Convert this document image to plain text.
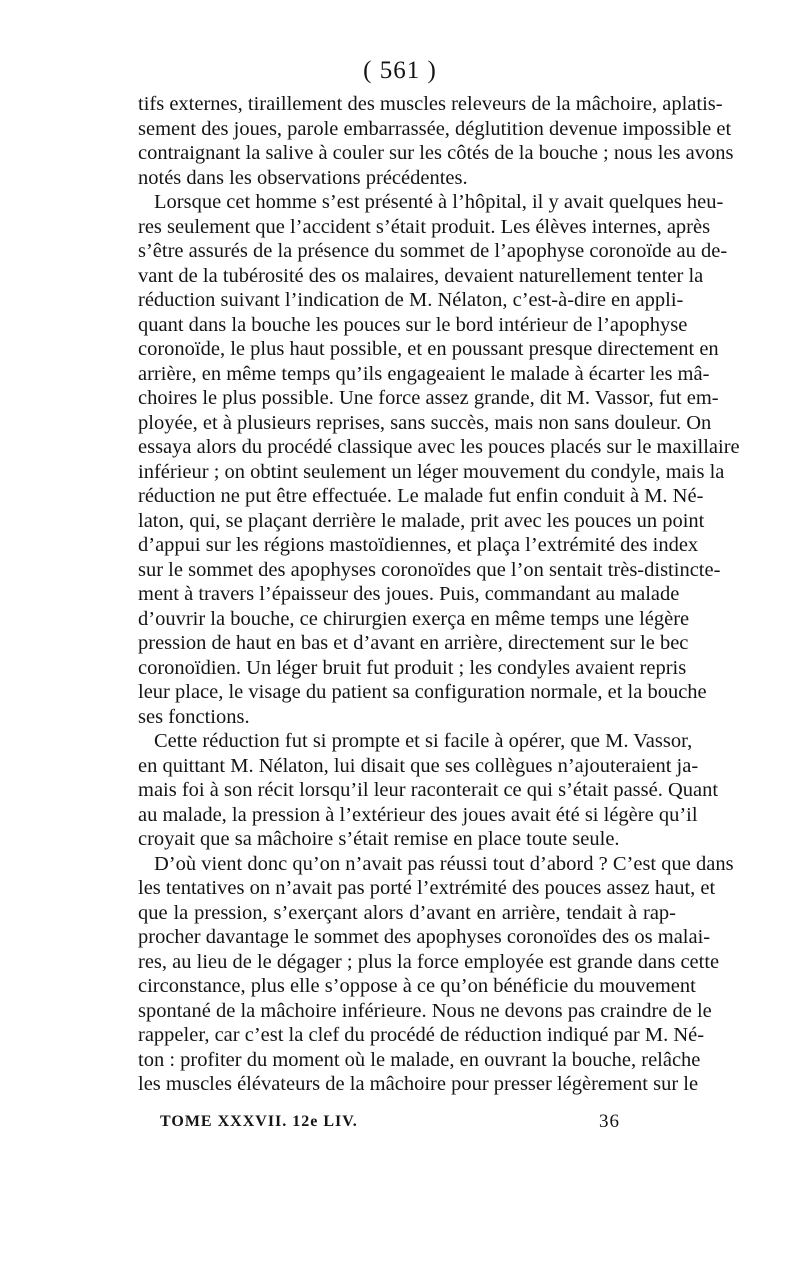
( 561 )
tifs externes, tiraillement des muscles releveurs de la mâchoire, aplatis-
sement des joues, parole embarrassée, déglutition devenue impossible et
contraignant la salive à couler sur les côtés de la bouche ; nous les avons
notés dans les observations précédentes.
Lorsque cet homme s’est présenté à l’hôpital, il y avait quelques heu-
res seulement que l’accident s’était produit. Les élèves internes, après
s’être assurés de la présence du sommet de l’apophyse coronoïde au de-
vant de la tubérosité des os malaires, devaient naturellement tenter la
réduction suivant l’indication de M. Nélaton, c’est-à-dire en appli-
quant dans la bouche les pouces sur le bord intérieur de l’apophyse
coronoïde, le plus haut possible, et en poussant presque directement en
arrière, en même temps qu’ils engageaient le malade à écarter les mâ-
choires le plus possible. Une force assez grande, dit M. Vassor, fut em-
ployée, et à plusieurs reprises, sans succès, mais non sans douleur. On
essaya alors du procédé classique avec les pouces placés sur le maxillaire
inférieur ; on obtint seulement un léger mouvement du condyle, mais la
réduction ne put être effectuée. Le malade fut enfin conduit à M. Né-
laton, qui, se plaçant derrière le malade, prit avec les pouces un point
d’appui sur les régions mastoïdiennes, et plaça l’extrémité des index
sur le sommet des apophyses coronoïdes que l’on sentait très-distincte-
ment à travers l’épaisseur des joues. Puis, commandant au malade
d’ouvrir la bouche, ce chirurgien exerça en même temps une légère
pression de haut en bas et d’avant en arrière, directement sur le bec
coronoïdien. Un léger bruit fut produit ; les condyles avaient repris
leur place, le visage du patient sa configuration normale, et la bouche
ses fonctions.
Cette réduction fut si prompte et si facile à opérer, que M. Vassor,
en quittant M. Nélaton, lui disait que ses collègues n’ajouteraient ja-
mais foi à son récit lorsqu’il leur raconterait ce qui s’était passé. Quant
au malade, la pression à l’extérieur des joues avait été si légère qu’il
croyait que sa mâchoire s’était remise en place toute seule.
D’où vient donc qu’on n’avait pas réussi tout d’abord ? C’est que dans
les tentatives on n’avait pas porté l’extrémité des pouces assez haut, et
que la pression, s’exerçant alors d’avant en arrière, tendait à rap-
procher davantage le sommet des apophyses coronoïdes des os malai-
res, au lieu de le dégager ; plus la force employée est grande dans cette
circonstance, plus elle s’oppose à ce qu’on bénéficie du mouvement
spontané de la mâchoire inférieure. Nous ne devons pas craindre de le
rappeler, car c’est la clef du procédé de réduction indiqué par M. Né-
ton : profiter du moment où le malade, en ouvrant la bouche, relâche
les muscles élévateurs de la mâchoire pour presser légèrement sur le
TOME XXXVII. 12e LIV.	36
